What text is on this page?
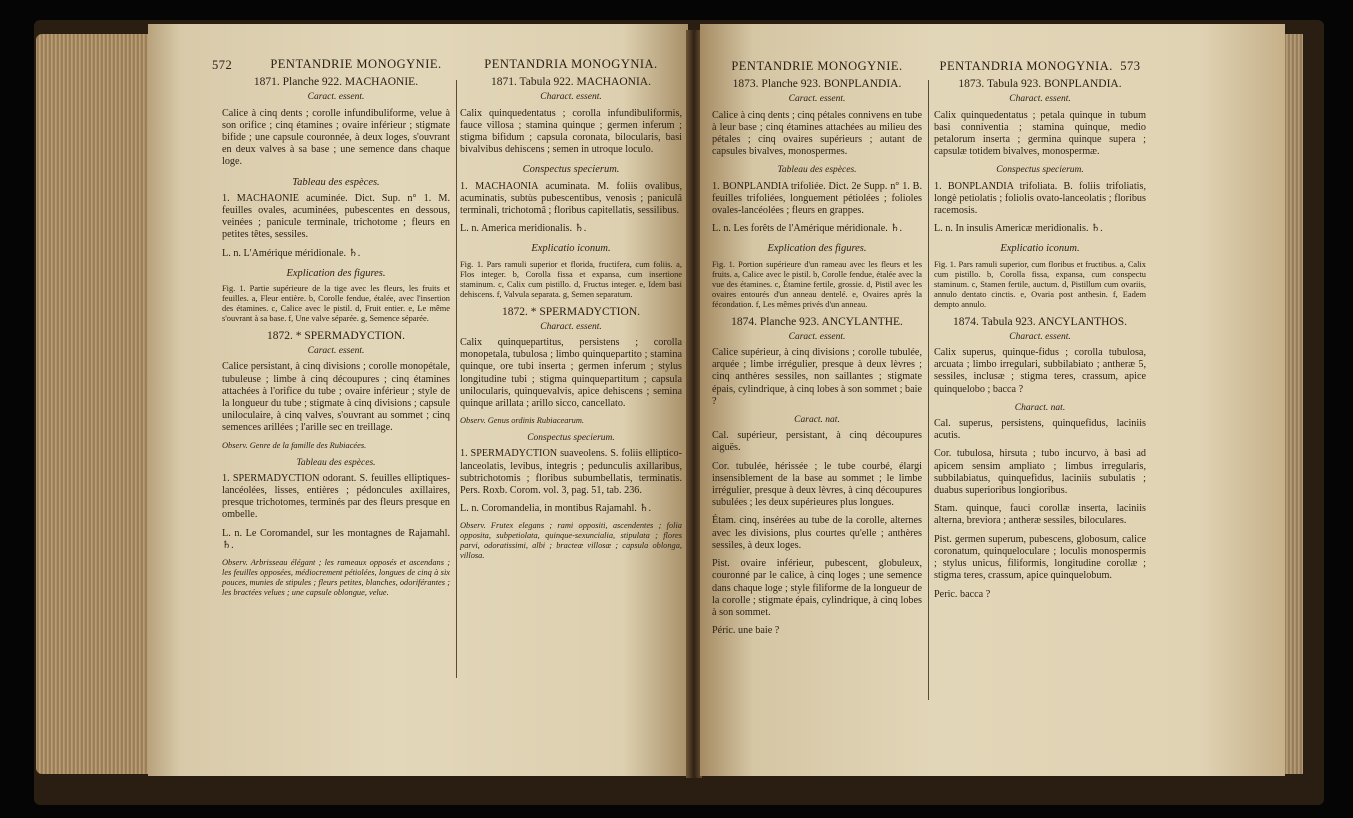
572	PENTANDRIE MONOGYNIE.
1871. Planche 922. MACHAONIE.
Caract. essent.

Calice à cinq dents ; corolle infundibuliforme, velue à son orifice ; cinq étamines ; ovaire inférieur ; stigmate bifide ; une capsule couronnée, à deux loges, s'ouvrant en deux valves à sa base ; une semence dans chaque loge.

Tableau des espèces.

1. MACHAONIE acuminée. Dict. Sup. n° 1. M. feuilles ovales, acuminées, pubescentes en dessous, veinées ; panicule terminale, trichotome ; fleurs en petites têtes, sessiles.

L. n. L'Amérique méridionale. ♄.

Explication des figures.

Fig. 1. Partie supérieure de la tige avec les fleurs, les fruits et feuilles. a, Fleur entière. b, Corolle fendue, étalée, avec l'insertion des étamines. c, Calice avec le pistil. d, Fruit entier. e, Le même s'ouvrant à sa base. f, Une valve séparée. g, Semence séparée.

1872. * SPERMADYCTION.
Caract. essent.

Calice persistant, à cinq divisions ; corolle monopétale, tubuleuse ; limbe à cinq découpures ; cinq étamines attachées à l'orifice du tube ; ovaire inférieur ; style de la longueur du tube ; stigmate à cinq divisions ; capsule uniloculaire, à cinq valves, s'ouvrant au sommet ; cinq semences arillées ; l'arille sec en treillage.

Observ. Genre de la famille des Rubiacées.

Tableau des espèces.

1. SPERMADYCTION odorant. S. feuilles elliptiques-lancéolées, lisses, entières ; pédoncules axillaires, presque trichotomes, terminés par des fleurs presque en ombelle.

L. n. Le Coromandel, sur les montagnes de Rajamahl. ♄.

Observ. Arbrisseau élégant ; les rameaux opposés et ascendans ; les feuilles opposées, médiocrement pétiolées, longues de cinq à six pouces, munies de stipules ; fleurs petites, blanches, odoriférantes ; les bractées velues ; une capsule oblongue, velue.

PENTANDRIA MONOGYNIA.
1871. Tabula 922. MACHAONIA.
Charact. essent.

Calix quinquedentatus ; corolla infundibuliformis, fauce villosa ; stamina quinque ; germen inferum ; stigma bifidum ; capsula coronata, bilocularis, basi bivalvibus dehiscens ; semen in utroque loculo.

Conspectus specierum.

1. MACHAONIA acuminata. M. foliis ovalibus, acuminatis, subtùs pubescentibus, venosis ; paniculâ terminali, trichotomâ ; floribus capitellatis, sessilibus.

L. n. America meridionalis. ♄.

Explicatio iconum.

Fig. 1. Pars ramuli superior et florida, fructifera, cum foliis. a, Flos integer. b, Corolla fissa et expansa, cum insertione staminum. c, Calix cum pistillo. d, Fructus integer. e, Idem basi dehiscens. f, Valvula separata. g, Semen separatum.

1872. * SPERMADYCTION.
Charact. essent.

Calix quinquepartitus, persistens ; corolla monopetala, tubulosa ; limbo quinquepartito ; stamina quinque, ore tubi inserta ; germen inferum ; stylus longitudine tubi ; stigma quinquepartitum ; capsula unilocularis, quinquevalvis, apice dehiscens ; semina quinque arillata ; arillo sicco, cancellato.

Observ. Genus ordinis Rubiacearum.

Conspectus specierum.

1. SPERMADYCTION suaveolens. S. foliis elliptico-lanceolatis, levibus, integris ; pedunculis axillaribus, subtrichotomis ; floribus subumbellatis, terminatis. Pers. Roxb. Corom. vol. 3, pag. 51, tab. 236.

L. n. Coromandelia, in montibus Rajamahl. ♄.

Observ. Frutex elegans ; rami oppositi, ascendentes ; folia opposita, subpetiolata, quinque-sexuncialia, stipulata ; flores parvi, odoratissimi, albi ; bracteæ villosæ ; capsula oblonga, villosa.

PENTANDRIE MONOGYNIE.
1873. Planche 923. BONPLANDIA.
Caract. essent.

Calice à cinq dents ; cinq pétales connivens en tube à leur base ; cinq étamines attachées au milieu des pétales ; cinq ovaires supérieurs ; autant de capsules bivalves, monospermes.

Tableau des espèces.

1. BONPLANDIA trifoliée. Dict. 2e Supp. n° 1. B. feuilles trifoliées, longuement pétiolées ; folioles ovales-lancéolées ; fleurs en grappes.

L. n. Les forêts de l'Amérique méridionale. ♄.

Explication des figures.

Fig. 1. Portion supérieure d'un rameau avec les fleurs et les fruits. a, Calice avec le pistil. b, Corolle fendue, étalée avec la vue des étamines. c, Étamine fertile, grossie. d, Pistil avec les ovaires entourés d'un anneau dentelé. e, Ovaires après la fécondation. f, Les mêmes privés d'un anneau.

1874. Planche 923. ANCYLANTHE.
Caract. essent.

Calice supérieur, à cinq divisions ; corolle tubulée, arquée ; limbe irrégulier, presque à deux lèvres ; cinq anthères sessiles, non saillantes ; stigmate épais, cylindrique, à cinq lobes à son sommet ; baie ?

Caract. nat.

Cal. supérieur, persistant, à cinq découpures aiguës.

Cor. tubulée, hérissée ; le tube courbé, élargi insensiblement de la base au sommet ; le limbe irrégulier, presque à deux lèvres, à cinq découpures subulées ; les deux supérieures plus longues.

Étam. cinq, insérées au tube de la corolle, alternes avec les divisions, plus courtes qu'elle ; anthères sessiles, à deux loges.

Pist. ovaire inférieur, pubescent, globuleux, couronné par le calice, à cinq loges ; une semence dans chaque loge ; style filiforme de la longueur de la corolle ; stigmate épais, cylindrique, à cinq lobes à son sommet.

Péric. une baie ?

PENTANDRIA MONOGYNIA. 573
1873. Tabula 923. BONPLANDIA.
Charact. essent.

Calix quinquedentatus ; petala quinque in tubum basi conniventia ; stamina quinque, medio petalorum inserta ; germina quinque supera ; capsulæ totidem bivalves, monospermæ.

Conspectus specierum.

1. BONPLANDIA trifoliata. B. foliis trifoliatis, longè petiolatis ; foliolis ovato-lanceolatis ; floribus racemosis.

L. n. In insulis Americæ meridionalis. ♄.

Explicatio iconum.

Fig. 1. Pars ramuli superior, cum floribus et fructibus. a, Calix cum pistillo. b, Corolla fissa, expansa, cum conspectu staminum. c, Stamen fertile, auctum. d, Pistillum cum ovariis, annulo dentato cinctis. e, Ovaria post anthesin. f, Eadem dempto annulo.

1874. Tabula 923. ANCYLANTHOS.
Charact. essent.

Calix superus, quinque-fidus ; corolla tubulosa, arcuata ; limbo irregulari, subbilabiato ; antheræ 5, sessiles, inclusæ ; stigma teres, crassum, apice quinquelobo ; bacca ?

Charact. nat.

Cal. superus, persistens, quinquefidus, laciniis acutis.

Cor. tubulosa, hirsuta ; tubo incurvo, à basi ad apicem sensim ampliato ; limbus irregularis, subbilabiatus, quinquefidus, laciniis subulatis ; duabus superioribus longioribus.

Stam. quinque, fauci corollæ inserta, laciniis alterna, breviora ; antheræ sessiles, biloculares.

Pist. germen superum, pubescens, globosum, calice coronatum, quinqueloculare ; loculis monospermis ; stylus unicus, filiformis, longitudine corollæ ; stigma teres, crassum, apice quinquelobum.

Peric. bacca ?
